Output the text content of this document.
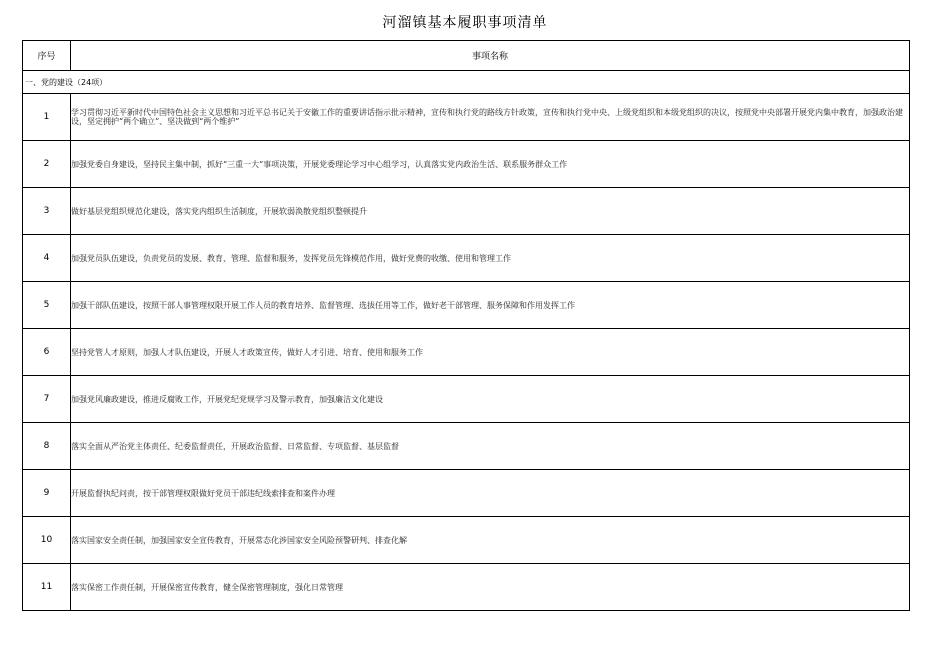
河溜镇基本履职事项清单
序号	事项名称
一、党的建设（24项）	
1	学习贯彻习近平新时代中国特色社会主义思想和习近平总书记关于安徽工作的重要讲话指示批示精神，宣传和执行党的路线方针政策，宣传和执行党中央、上级党组织和本级党组织的决议，按照党中央部署开展党内集中教育，加强政治建设，坚定拥护“两个确立”、坚决做到“两个维护”
2	加强党委自身建设，坚持民主集中制，抓好“三重一大”事项决策，开展党委理论学习中心组学习，认真落实党内政治生活、联系服务群众工作
3	做好基层党组织规范化建设，落实党内组织生活制度，开展软弱涣散党组织整顿提升
4	加强党员队伍建设，负责党员的发展、教育、管理、监督和服务，发挥党员先锋模范作用，做好党费的收缴、使用和管理工作
5	加强干部队伍建设，按照干部人事管理权限开展工作人员的教育培养、监督管理、选拔任用等工作，做好老干部管理、服务保障和作用发挥工作
6	坚持党管人才原则，加强人才队伍建设，开展人才政策宣传，做好人才引进、培育、使用和服务工作
7	加强党风廉政建设，推进反腐败工作，开展党纪党规学习及警示教育，加强廉洁文化建设
8	落实全面从严治党主体责任、纪委监督责任，开展政治监督、日常监督、专项监督、基层监督
9	开展监督执纪问责，按干部管理权限做好党员干部违纪线索排查和案件办理
10	落实国家安全责任制，加强国家安全宣传教育，开展常态化涉国家安全风险预警研判、排查化解
11	落实保密工作责任制，开展保密宣传教育，健全保密管理制度，强化日常管理
